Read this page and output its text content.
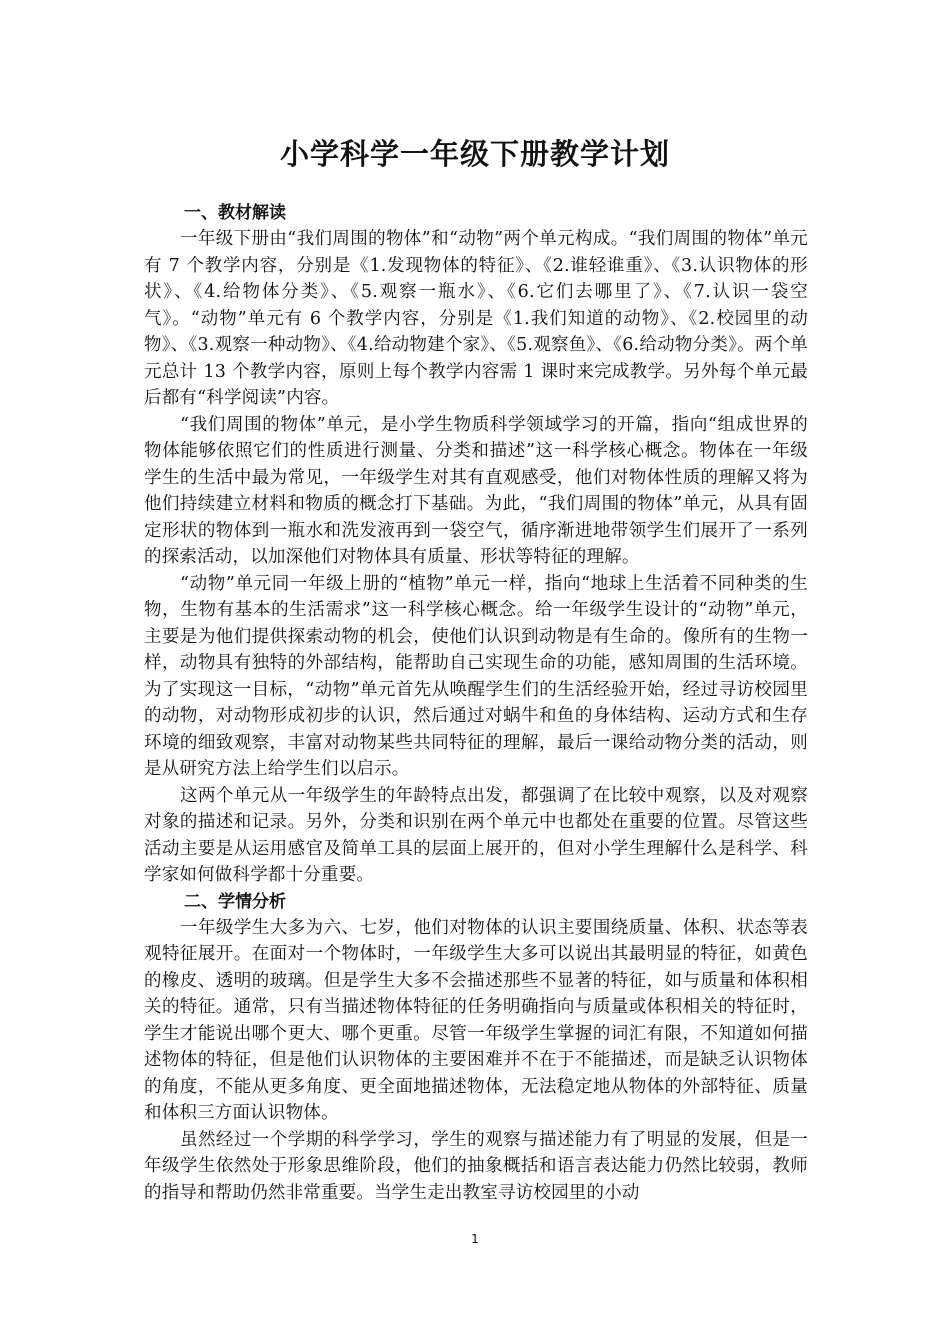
小学科学一年级下册教学计划
一、教材解读

一年级下册由“我们周围的物体”和“动物”两个单元构成。“我们周围的物体”单元有 7 个教学内容，分别是《1.发现物体的特征》、《2.谁轻谁重》、《3.认识物体的形状》、《4.给物体分类》、《5.观察一瓶水》、《6.它们去哪里了》、《7.认识一袋空气》。“动物”单元有 6 个教学内容，分别是《1.我们知道的动物》、《2.校园里的动物》、《3.观察一种动物》、《4.给动物建个家》、《5.观察鱼》、《6.给动物分类》。两个单元总计 13 个教学内容，原则上每个教学内容需 1 课时来完成教学。另外每个单元最后都有“科学阅读”内容。

“我们周围的物体”单元，是小学生物质科学领域学习的开篇，指向“组成世界的物体能够依照它们的性质进行测量、分类和描述”这一科学核心概念。物体在一年级学生的生活中最为常见，一年级学生对其有直观感受，他们对物体性质的理解又将为他们持续建立材料和物质的概念打下基础。为此，“我们周围的物体”单元，从具有固定形状的物体到一瓶水和洗发液再到一袋空气，循序渐进地带领学生们展开了一系列的探索活动，以加深他们对物体具有质量、形状等特征的理解。

“动物”单元同一年级上册的“植物”单元一样，指向“地球上生活着不同种类的生物，生物有基本的生活需求”这一科学核心概念。给一年级学生设计的“动物”单元，主要是为他们提供探索动物的机会，使他们认识到动物是有生命的。像所有的生物一样，动物具有独特的外部结构，能帮助自己实现生命的功能，感知周围的生活环境。为了实现这一目标，“动物”单元首先从唤醒学生们的生活经验开始，经过寻访校园里的动物，对动物形成初步的认识，然后通过对蜗牛和鱼的身体结构、运动方式和生存环境的细致观察，丰富对动物某些共同特征的理解，最后一课给动物分类的活动，则是从研究方法上给学生们以启示。

这两个单元从一年级学生的年龄特点出发，都强调了在比较中观察，以及对观察对象的描述和记录。另外，分类和识别在两个单元中也都处在重要的位置。尽管这些活动主要是从运用感官及简单工具的层面上展开的，但对小学生理解什么是科学、科学家如何做科学都十分重要。

二、学情分析

一年级学生大多为六、七岁，他们对物体的认识主要围绕质量、体积、状态等表观特征展开。在面对一个物体时，一年级学生大多可以说出其最明显的特征，如黄色的橡皮、透明的玻璃。但是学生大多不会描述那些不显著的特征，如与质量和体积相关的特征。通常，只有当描述物体特征的任务明确指向与质量或体积相关的特征时，学生才能说出哪个更大、哪个更重。尽管一年级学生掌握的词汇有限，不知道如何描述物体的特征，但是他们认识物体的主要困难并不在于不能描述，而是缺乏认识物体的角度，不能从更多角度、更全面地描述物体，无法稳定地从物体的外部特征、质量和体积三方面认识物体。

虽然经过一个学期的科学学习，学生的观察与描述能力有了明显的发展，但是一年级学生依然处于形象思维阶段，他们的抽象概括和语言表达能力仍然比较弱，教师的指导和帮助仍然非常重要。当学生走出教室寻访校园里的小动

1
